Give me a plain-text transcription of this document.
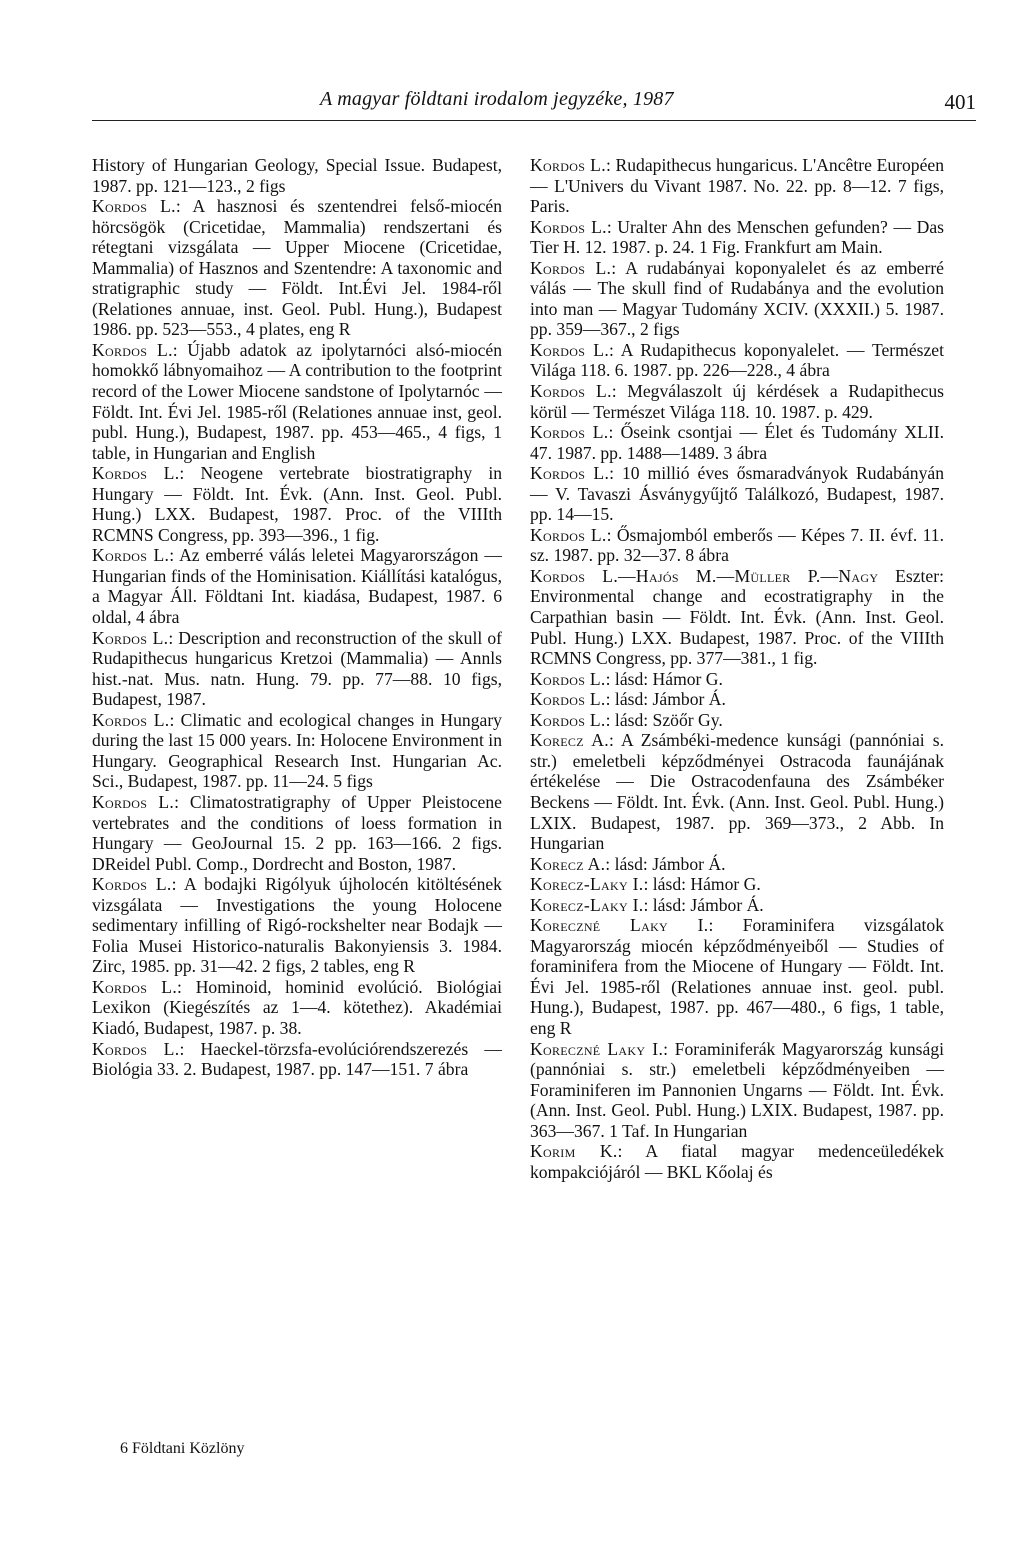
A magyar földtani irodalom jegyzéke, 1987	401

History of Hungarian Geology, Special Issue. Budapest, 1987. pp. 121—123., 2 figs

Kordos L.: A hasznosi és szentendrei felső-miocén hörcsögök (Cricetidae, Mammalia) rendszertani és rétegtani vizsgálata — Upper Miocene (Cricetidae, Mammalia) of Hasznos and Szentendre: A taxonomic and stratigraphic study — Földt. Int.Évi Jel. 1984-ről (Relationes annuae, inst. Geol. Publ. Hung.), Budapest 1986. pp. 523—553., 4 plates, eng R

Kordos L.: Újabb adatok az ipolytarnóci alsó-miocén homokkő lábnyomaihoz — A contribution to the footprint record of the Lower Miocene sandstone of Ipolytarnóc — Földt. Int. Évi Jel. 1985-ről (Relationes annuae inst, geol. publ. Hung.), Budapest, 1987. pp. 453—465., 4 figs, 1 table, in Hungarian and English

Kordos L.: Neogene vertebrate biostratigraphy in Hungary — Földt. Int. Évk. (Ann. Inst. Geol. Publ. Hung.) LXX. Budapest, 1987. Proc. of the VIIIth RCMNS Congress, pp. 393—396., 1 fig.

Kordos L.: Az emberré válás leletei Magyarországon — Hungarian finds of the Hominisation. Kiállítási katalógus, a Magyar Áll. Földtani Int. kiadása, Budapest, 1987. 6 oldal, 4 ábra

Kordos L.: Description and reconstruction of the skull of Rudapithecus hungaricus Kretzoi (Mammalia) — Annls hist.-nat. Mus. natn. Hung. 79. pp. 77—88. 10 figs, Budapest, 1987.

Kordos L.: Climatic and ecological changes in Hungary during the last 15 000 years. In: Holocene Environment in Hungary. Geographical Research Inst. Hungarian Ac. Sci., Budapest, 1987. pp. 11—24. 5 figs

Kordos L.: Climatostratigraphy of Upper Pleistocene vertebrates and the conditions of loess formation in Hungary — GeoJournal 15. 2 pp. 163—166. 2 figs. DReidel Publ. Comp., Dordrecht and Boston, 1987.

Kordos L.: A bodajki Rigólyuk újholocén kitöltésének vizsgálata — Investigations the young Holocene sedimentary infilling of Rigó-rockshelter near Bodajk — Folia Musei Historico-naturalis Bakonyiensis 3. 1984. Zirc, 1985. pp. 31—42. 2 figs, 2 tables, eng R

Kordos L.: Hominoid, hominid evolúció. Biológiai Lexikon (Kiegészítés az 1—4. kötethez). Akadémiai Kiadó, Budapest, 1987. p. 38.

Kordos L.: Haeckel-törzsfa-evolúciórendszerezés — Biológia 33. 2. Budapest, 1987. pp. 147—151. 7 ábra

Kordos L.: Rudapithecus hungaricus. L'Ancêtre Européen — L'Univers du Vivant 1987. No. 22. pp. 8—12. 7 figs, Paris.

Kordos L.: Uralter Ahn des Menschen gefunden? — Das Tier H. 12. 1987. p. 24. 1 Fig. Frankfurt am Main.

Kordos L.: A rudabányai koponyalelet és az emberré válás — The skull find of Rudabánya and the evolution into man — Magyar Tudomány XCIV. (XXXII.) 5. 1987. pp. 359—367., 2 figs

Kordos L.: A Rudapithecus koponyalelet. — Természet Világa 118. 6. 1987. pp. 226—228., 4 ábra

Kordos L.: Megválaszolt új kérdések a Rudapithecus körül — Természet Világa 118. 10. 1987. p. 429.

Kordos L.: Őseink csontjai — Élet és Tudomány XLII. 47. 1987. pp. 1488—1489. 3 ábra

Kordos L.: 10 millió éves ősmaradványok Rudabányán — V. Tavaszi Ásványgyűjtő Találkozó, Budapest, 1987. pp. 14—15.

Kordos L.: Ősmajomból emberős — Képes 7. II. évf. 11. sz. 1987. pp. 32—37. 8 ábra

Kordos L.—Hajós M.—Müller P.—Nagy Eszter: Environmental change and ecostratigraphy in the Carpathian basin — Földt. Int. Évk. (Ann. Inst. Geol. Publ. Hung.) LXX. Budapest, 1987. Proc. of the VIIIth RCMNS Congress, pp. 377—381., 1 fig.

Kordos L.: lásd: Hámor G.

Kordos L.: lásd: Jámbor Á.

Kordos L.: lásd: Szöőr Gy.

Korecz A.: A Zsámbéki-medence kunsági (pannóniai s. str.) emeletbeli képződményei Ostracoda faunájának értékelése — Die Ostracodenfauna des Zsámbéker Beckens — Földt. Int. Évk. (Ann. Inst. Geol. Publ. Hung.) LXIX. Budapest, 1987. pp. 369—373., 2 Abb. In Hungarian

Korecz A.: lásd: Jámbor Á.

Korecz-Laky I.: lásd: Hámor G.

Korecz-Laky I.: lásd: Jámbor Á.

Koreczné Laky I.: Foraminifera vizsgálatok Magyarország miocén képződményeiből — Studies of foraminifera from the Miocene of Hungary — Földt. Int. Évi Jel. 1985-ről (Relationes annuae inst. geol. publ. Hung.), Budapest, 1987. pp. 467—480., 6 figs, 1 table, eng R

Koreczné Laky I.: Foraminiferák Magyarország kunsági (pannóniai s. str.) emeletbeli képződményeiben — Foraminiferen im Pannonien Ungarns — Földt. Int. Évk. (Ann. Inst. Geol. Publ. Hung.) LXIX. Budapest, 1987. pp. 363—367. 1 Taf. In Hungarian

Korim K.: A fiatal magyar medenceüledékek kompakciójáról — BKL Kőolaj és

6 Földtani Közlöny
